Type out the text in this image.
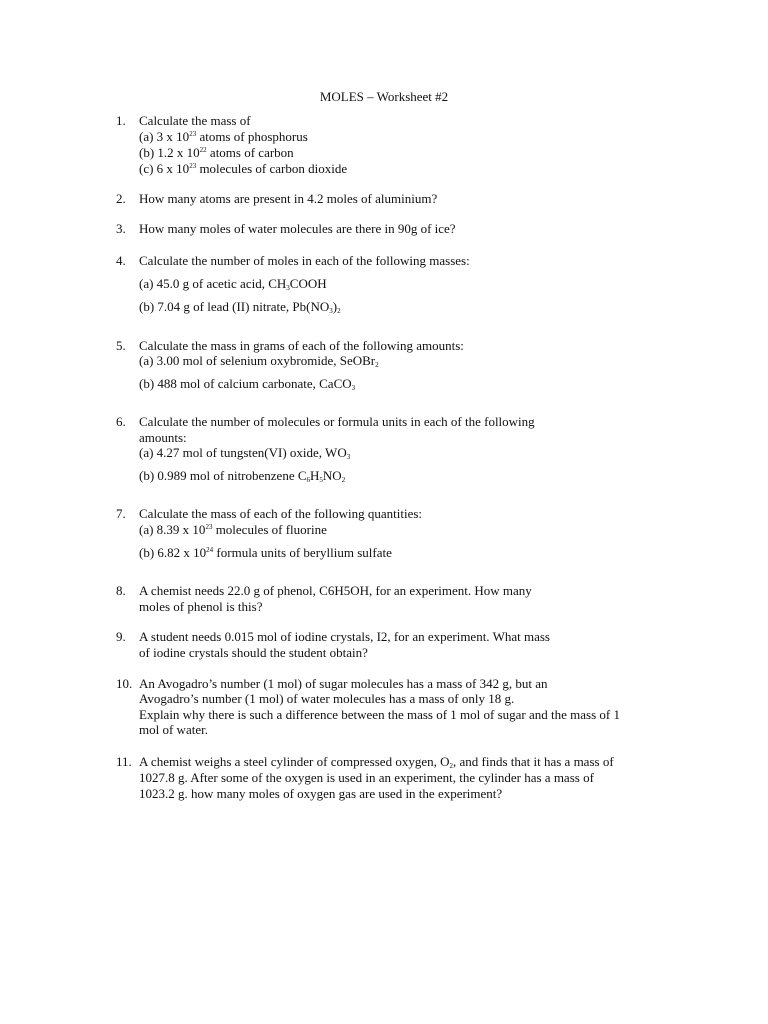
MOLES – Worksheet #2
1. Calculate the mass of
(a) 3 x $10^{23}$ atoms of phosphorus
(b) 1.2 x $10^{22}$ atoms of carbon
(c) 6 x $10^{23}$ molecules of carbon dioxide
2. How many atoms are present in 4.2 moles of aluminium?
3. How many moles of water molecules are there in 90g of ice?
4. Calculate the number of moles in each of the following masses:
(a) 45.0 g of acetic acid, $CH_3COOH$
(b) 7.04 g of lead (II) nitrate, $Pb(NO_3)_2$
5. Calculate the mass in grams of each of the following amounts:
(a) 3.00 mol of selenium oxybromide, SeOBr$_2$
(b) 488 mol of calcium carbonate, CaCO$_3$
6. Calculate the number of molecules or formula units in each of the following
amounts:
(a) 4.27 mol of tungsten(VI) oxide, $WO_3$
(b) 0.989 mol of nitrobenzene $C_6H_5NO_2$
7. Calculate the mass of each of the following quantities:
(a) 8.39 x $10^{23}$ molecules of fluorine
(b) 6.82 x $10^{24}$ formula units of beryllium sulfate
8. A chemist needs 22.0 g of phenol, C6H5OH, for an experiment. How many
moles of phenol is this?
9. A student needs 0.015 mol of iodine crystals, I2, for an experiment. What mass
of iodine crystals should the student obtain?
10. An Avogadro’s number (1 mol) of sugar molecules has a mass of 342 g, but an
Avogadro’s number (1 mol) of water molecules has a mass of only 18 g.
Explain why there is such a difference between the mass of 1 mol of sugar and the mass of 1
mol of water.
11. A chemist weighs a steel cylinder of compressed oxygen, $O_2$, and finds that it has a mass of
1027.8 g. After some of the oxygen is used in an experiment, the cylinder has a mass of
1023.2 g. how many moles of oxygen gas are used in the experiment?
